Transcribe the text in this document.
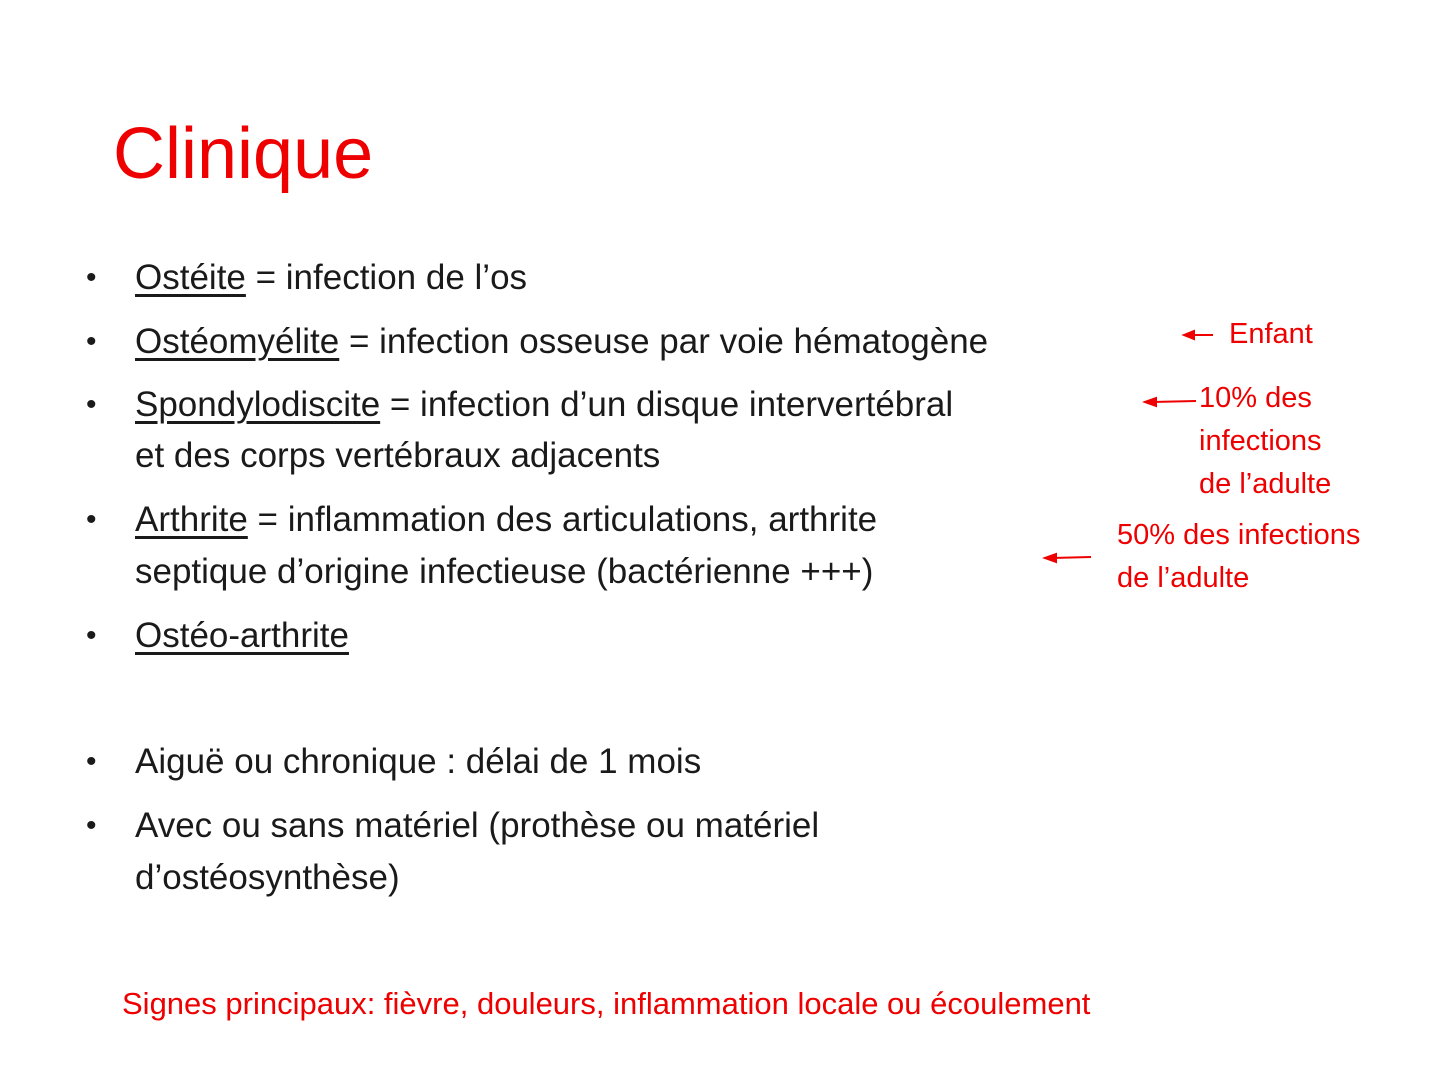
Clinique
• Ostéite = infection de l’os
• Ostéomyélite = infection osseuse par voie hématogène
• Spondylodiscite = infection d’un disque intervertébral
et des corps vertébraux adjacents
• Arthrite = inflammation des articulations, arthrite
septique d’origine infectieuse (bactérienne +++)
• Ostéo-arthrite
• Aiguë ou chronique : délai de 1 mois
• Avec ou sans matériel (prothèse ou matériel
d’ostéosynthèse)
Enfant
10% des
infections
de l’adulte
50% des infections
de l’adulte
Signes principaux: fièvre, douleurs, inflammation locale ou écoulement
